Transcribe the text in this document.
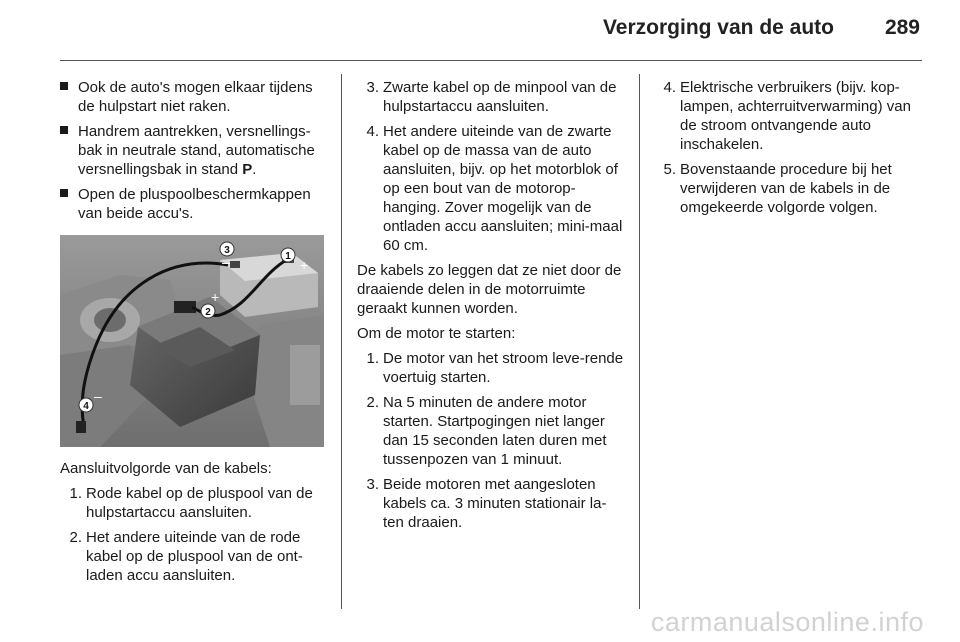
Verzorging van de auto 289
Ook de auto's mogen elkaar tijdens de hulpstart niet raken.
Handrem aantrekken, versnellings-bak in neutrale stand, automatische versnellingsbak in stand P.
Open de pluspoolbeschermkappen van beide accu's.
1
+
2
+
3
–
4
–

Aansluitvolgorde van de kabels:

1. Rode kabel op de pluspool van de hulpstartaccu aansluiten.
2. Het andere uiteinde van de rode kabel op de pluspool van de ont-laden accu aansluiten.
3. Zwarte kabel op de minpool van de hulpstartaccu aansluiten.
4. Het andere uiteinde van de zwarte kabel op de massa van de auto aansluiten, bijv. op het motorblok of op een bout van de motorop-hanging. Zover mogelijk van de ontladen accu aansluiten; mini-maal 60 cm.

De kabels zo leggen dat ze niet door de draaiende delen in de motorruimte geraakt kunnen worden.

Om de motor te starten:

1. De motor van het stroom leve-rende voertuig starten.
2. Na 5 minuten de andere motor starten. Startpogingen niet langer dan 15 seconden laten duren met tussenpozen van 1 minuut.
3. Beide motoren met aangesloten kabels ca. 3 minuten stationair la-ten draaien.
4. Elektrische verbruikers (bijv. kop-lampen, achterruitverwarming) van de stroom ontvangende auto inschakelen.
5. Bovenstaande procedure bij het verwijderen van de kabels in de omgekeerde volgorde volgen.
carmanualsonline.info
